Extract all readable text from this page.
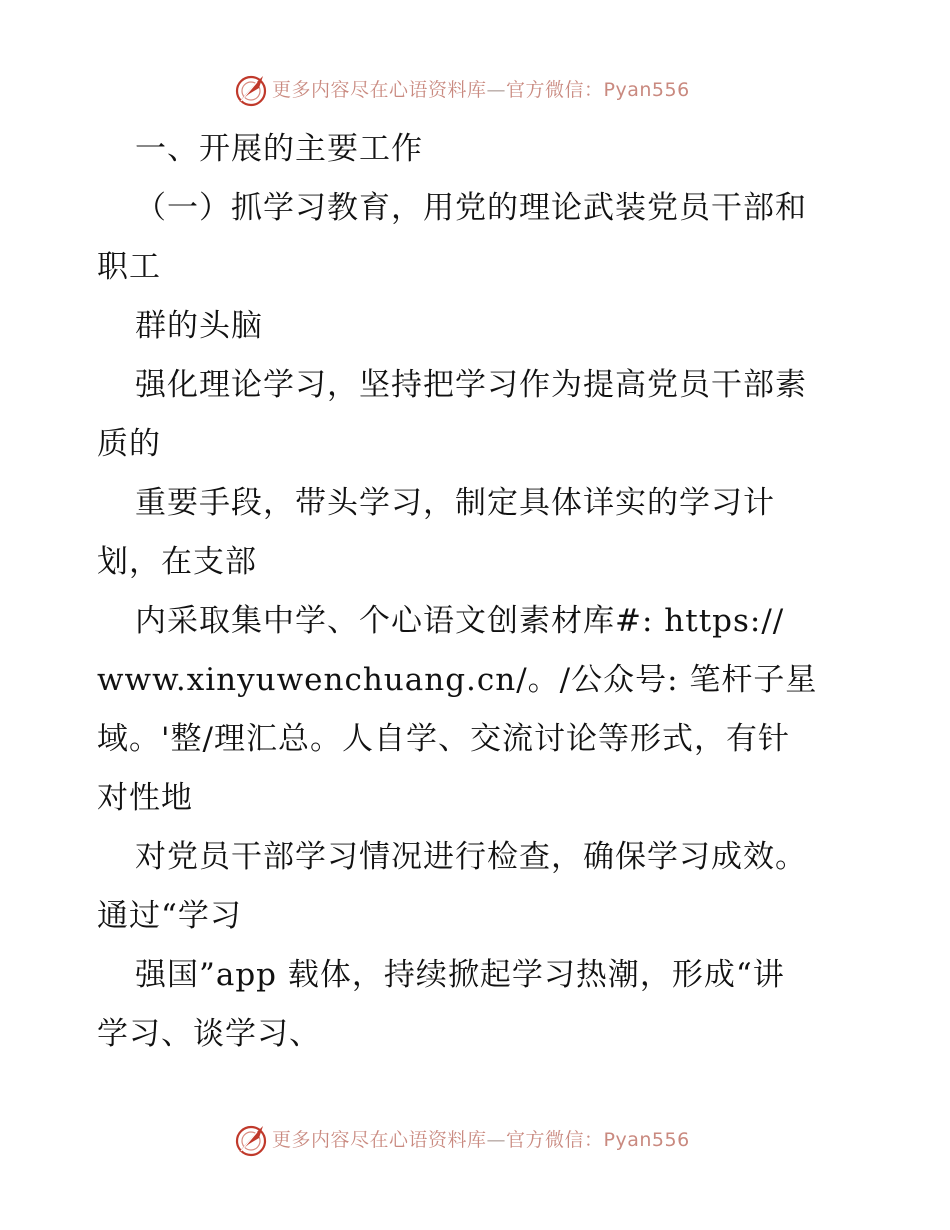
更多内容尽在心语资料库—官方微信：Pyan556
一、开展的主要工作
（一）抓学习教育，用党的理论武装党员干部和
职工
群的头脑
强化理论学习，坚持把学习作为提高党员干部素
质的
重要手段，带头学习，制定具体详实的学习计
划，在支部
内采取集中学、个心语文创素材库#: https://
www.xinyuwenchuang.cn/。/公众号: 笔杆子星
域。'整/理汇总。人自学、交流讨论等形式，有针
对性地
对党员干部学习情况进行检查，确保学习成效。
通过“学习
强国”app 载体，持续掀起学习热潮，形成“讲
学习、谈学习、
更多内容尽在心语资料库—官方微信：Pyan556
